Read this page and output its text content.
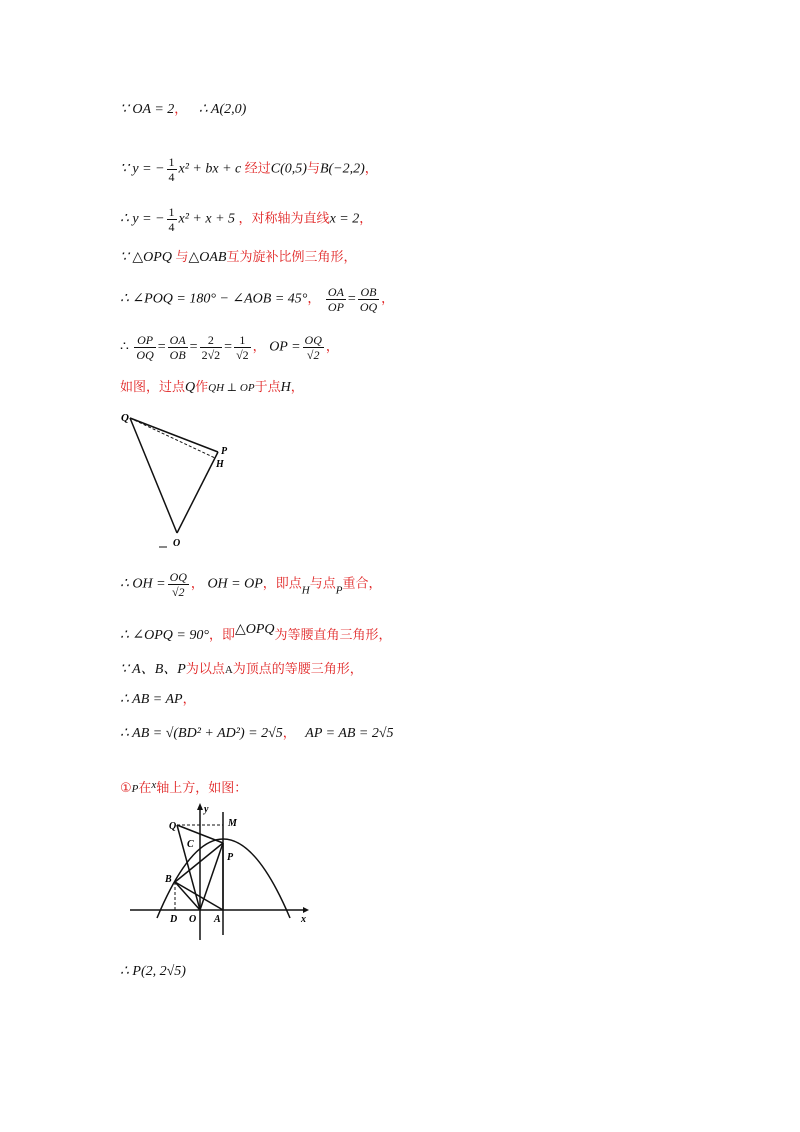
∵ OA = 2， ∴ A(2,0)
∵ y = − $\frac{1}{4} x^2$ + bx + c 经过C(0,5)与B(−2,2)，
∴ y = − $\frac{1}{4} x^2 + x + 5$ ，对称轴为直线x = 2，
∵ △OPQ 与△OAB互为旋补比例三角形，
∴ ∠POQ = 180° − ∠AOB = 45°， $\frac{OA}{OP} = \frac{OB}{OQ}$ ，
∴ $\frac{OP}{OQ} = \frac{OA}{OB} = \frac{2}{2√2} = \frac{1}{√2}$ ， OP = $\frac{OQ}{√2}$ ，
如图，过点Q作QH ⊥ OP于点H，
Q
P
H
O
∴ OH = $\frac{OQ}{√2}$ ， OH = OP，即点$_H$与点$_P$重合，
∴ ∠OPQ = 90°，即△OPQ为等腰直角三角形，
∵ A、B、P为以点A为顶点的等腰三角形，
∴ AB = AP，
∴ AB = √(BD² + AD²) = 2√5， AP = AB = 2√5
①P在$^x$轴上方，如图：
y
x
Q	M
C
P
B
D O A
∴ P(2, 2√5)
